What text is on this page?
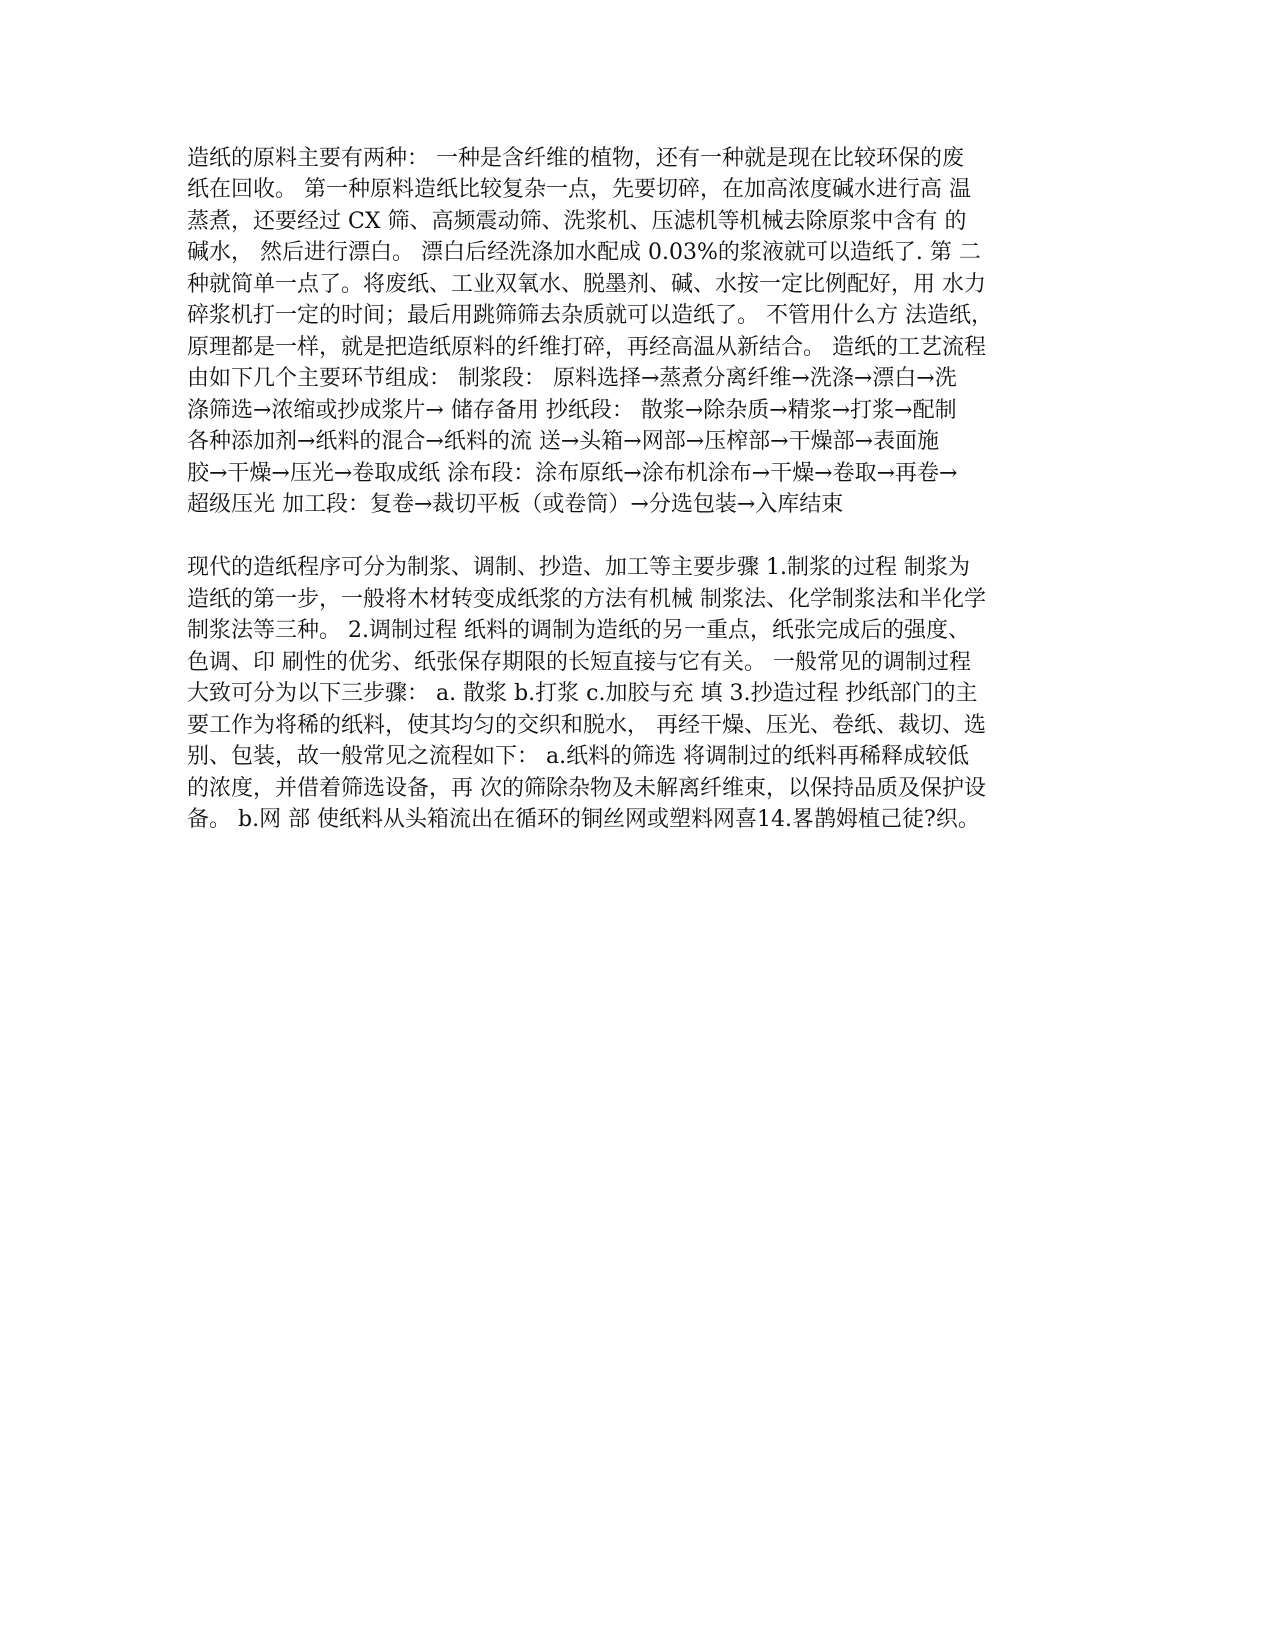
造纸的原料主要有两种： 一种是含纤维的植物，还有一种就是现在比较环保的废
纸在回收。 第一种原料造纸比较复杂一点，先要切碎，在加高浓度碱水进行高 温
蒸煮，还要经过 CX 筛、高频震动筛、洗浆机、压滤机等机械去除原浆中含有 的
碱水， 然后进行漂白。 漂白后经洗涤加水配成 0.03%的浆液就可以造纸了. 第 二
种就简单一点了。将废纸、工业双氧水、脱墨剂、碱、水按一定比例配好，用 水力
碎浆机打一定的时间；最后用跳筛筛去杂质就可以造纸了。 不管用什么方 法造纸，
原理都是一样，就是把造纸原料的纤维打碎，再经高温从新结合。 造纸的工艺流程
由如下几个主要环节组成： 制浆段： 原料选择→蒸煮分离纤维→洗涤→漂白→洗
涤筛选→浓缩或抄成浆片→ 储存备用 抄纸段： 散浆→除杂质→精浆→打浆→配制
各种添加剂→纸料的混合→纸料的流 送→头箱→网部→压榨部→干燥部→表面施
胶→干燥→压光→卷取成纸 涂布段：涂布原纸→涂布机涂布→干燥→卷取→再卷→
超级压光 加工段：复卷→裁切平板（或卷筒）→分选包装→入库结束
现代的造纸程序可分为制浆、调制、抄造、加工等主要步骤 1.制浆的过程 制浆为
造纸的第一步，一般将木材转变成纸浆的方法有机械 制浆法、化学制浆法和半化学
制浆法等三种。 2.调制过程 纸料的调制为造纸的另一重点，纸张完成后的强度、
色调、印 刷性的优劣、纸张保存期限的长短直接与它有关。 一般常见的调制过程
大致可分为以下三步骤： a. 散浆 b.打浆 c.加胶与充 填 3.抄造过程 抄纸部门的主
要工作为将稀的纸料，使其均匀的交织和脱水， 再经干燥、压光、卷纸、裁切、选
别、包装，故一般常见之流程如下： a.纸料的筛选 将调制过的纸料再稀释成较低
的浓度，并借着筛选设备，再 次的筛除杂物及未解离纤维束，以保持品质及保护设
备。 b.网 部 使纸料从头箱流出在循环的铜丝网或塑料网喜14.畧鹊姆植己徒?织。
